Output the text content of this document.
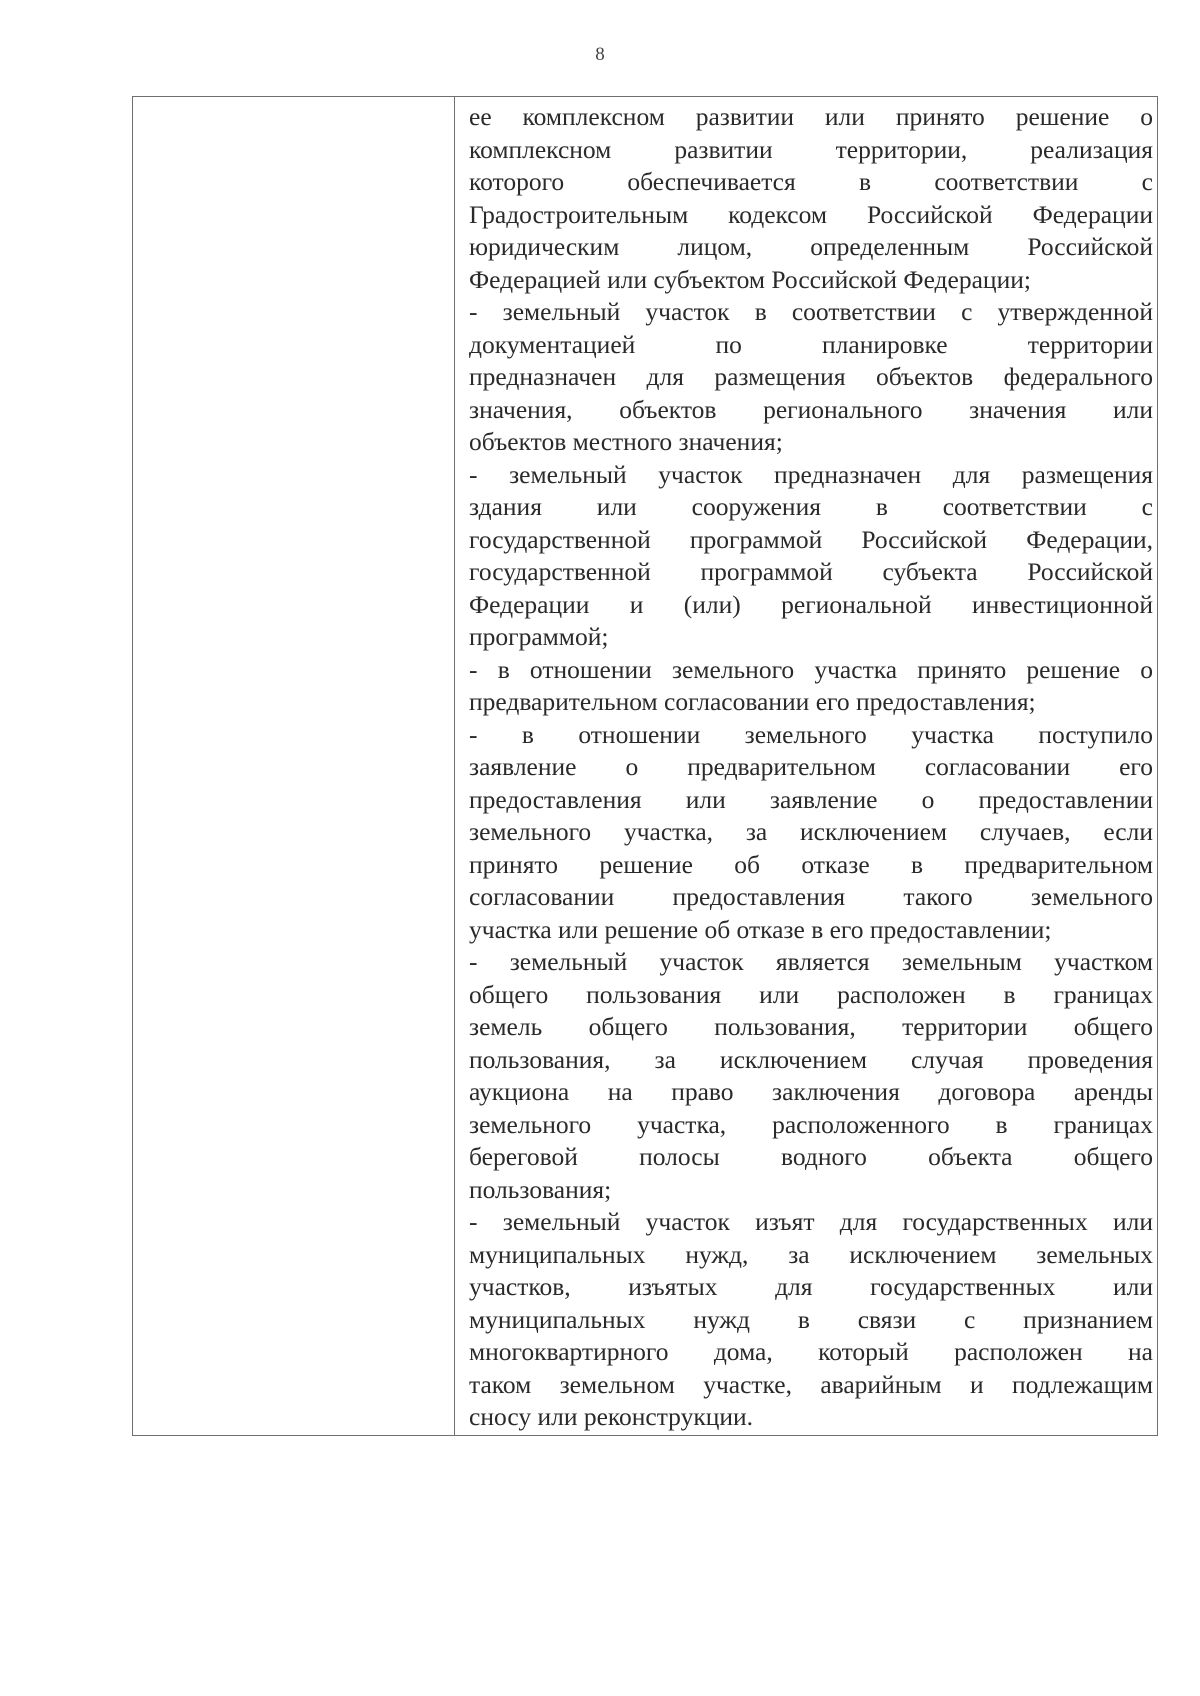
8
ее комплексном развитии или принято решение о
комплексном развитии территории, реализация
которого обеспечивается в соответствии с
Градостроительным кодексом Российской Федерации
юридическим лицом, определенным Российской
Федерацией или субъектом Российской Федерации;
- земельный участок в соответствии с утвержденной
документацией по планировке территории
предназначен для размещения объектов федерального
значения, объектов регионального значения или
объектов местного значения;
- земельный участок предназначен для размещения
здания или сооружения в соответствии с
государственной программой Российской Федерации,
государственной программой субъекта Российской
Федерации и (или) региональной инвестиционной
программой;
- в отношении земельного участка принято решение о
предварительном согласовании его предоставления;
- в отношении земельного участка поступило
заявление о предварительном согласовании его
предоставления или заявление о предоставлении
земельного участка, за исключением случаев, если
принято решение об отказе в предварительном
согласовании предоставления такого земельного
участка или решение об отказе в его предоставлении;
- земельный участок является земельным участком
общего пользования или расположен в границах
земель общего пользования, территории общего
пользования, за исключением случая проведения
аукциона на право заключения договора аренды
земельного участка, расположенного в границах
береговой полосы водного объекта общего
пользования;
- земельный участок изъят для государственных или
муниципальных нужд, за исключением земельных
участков, изъятых для государственных или
муниципальных нужд в связи с признанием
многоквартирного дома, который расположен на
таком земельном участке, аварийным и подлежащим
сносу или реконструкции.
